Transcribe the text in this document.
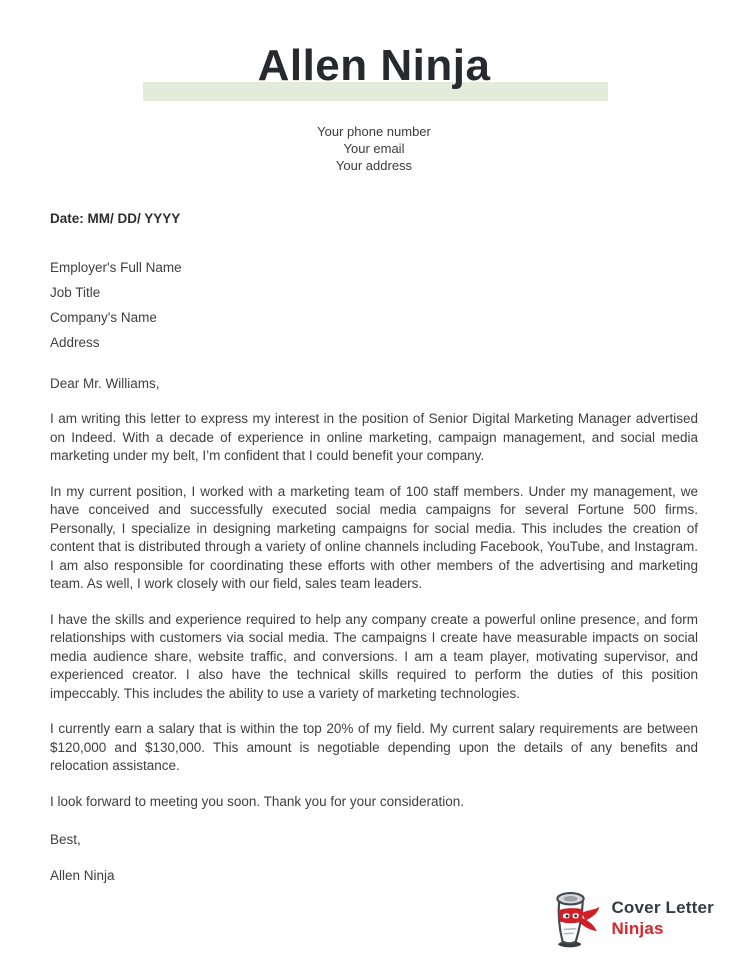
Allen Ninja

Your phone number

Your email

Your address

Date: MM/ DD/ YYYY

Employer's Full Name

Job Title

Company's Name

Address

Dear Mr. Williams,

I am writing this letter to express my interest in the position of Senior Digital Marketing Manager advertised on Indeed. With a decade of experience in online marketing, campaign management, and social media marketing under my belt, I’m confident that I could benefit your company.

In my current position, I worked with a marketing team of 100 staff members. Under my management, we have conceived and successfully executed social media campaigns for several Fortune 500 firms. Personally, I specialize in designing marketing campaigns for social media. This includes the creation of content that is distributed through a variety of online channels including Facebook, YouTube, and Instagram. I am also responsible for coordinating these efforts with other members of the advertising and marketing team. As well, I work closely with our field, sales team leaders.

I have the skills and experience required to help any company create a powerful online presence, and form relationships with customers via social media. The campaigns I create have measurable impacts on social media audience share, website traffic, and conversions. I am a team player, motivating supervisor, and experienced creator. I also have the technical skills required to perform the duties of this position impeccably. This includes the ability to use a variety of marketing technologies.

I currently earn a salary that is within the top 20% of my field. My current salary requirements are between $120,000 and $130,000. This amount is negotiable depending upon the details of any benefits and relocation assistance.

I look forward to meeting you soon. Thank you for your consideration.

Best,

Allen Ninja

Cover Letter
Ninjas
